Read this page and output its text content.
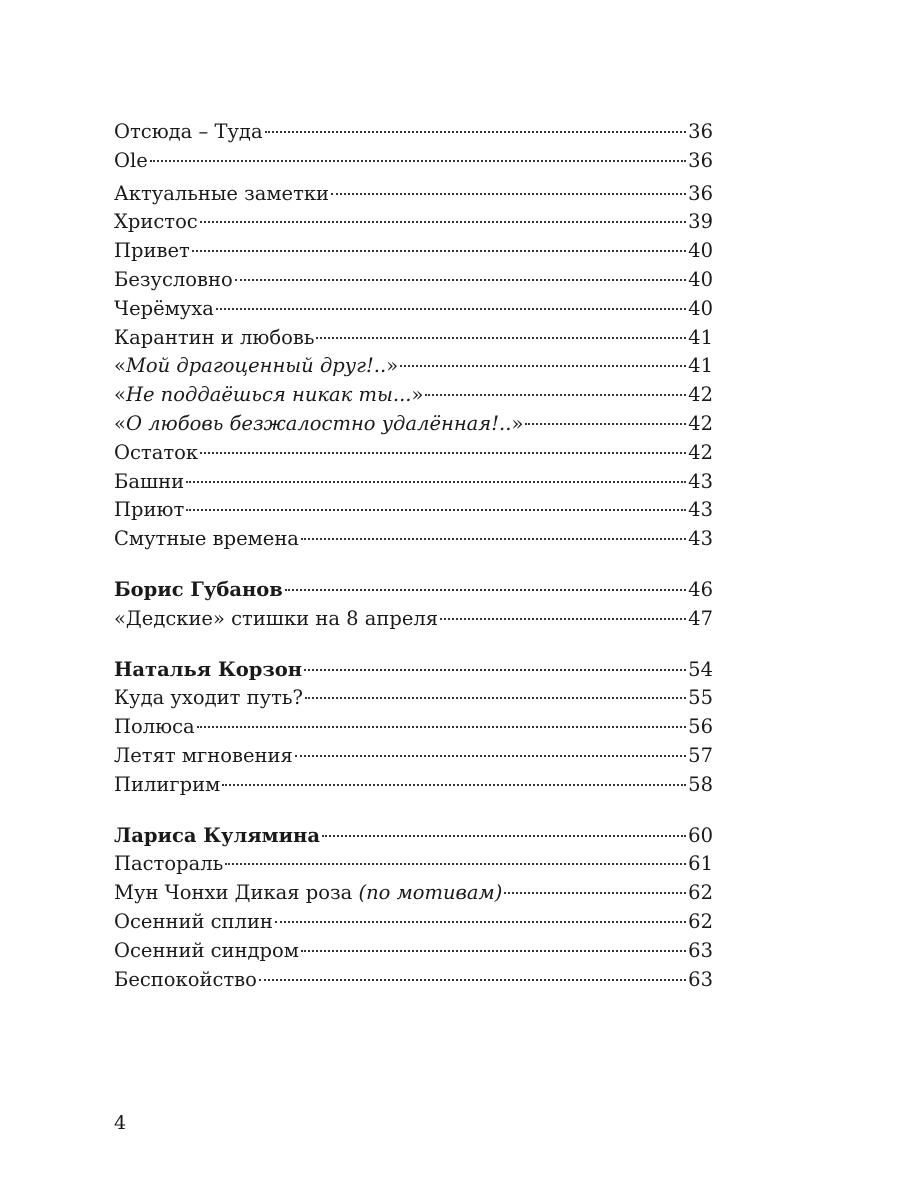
Отсюда – Туда	36
Ole	36
Актуальные заметки	36
Христос	39
Привет	40
Безусловно	40
Черёмуха	40
Карантин и любовь	41
«Мой драгоценный друг!..»	41
«Не поддаёшься никак ты...»	42
«О любовь безжалостно удалённая!..»	42
Остаток	42
Башни	43
Приют	43
Смутные времена	43
Борис Губанов	46
«Дедские» стишки на 8 апреля	47
Наталья Корзон	54
Куда уходит путь?	55
Полюса	56
Летят мгновения	57
Пилигрим	58
Лариса Кулямина	60
Пастораль	61
Мун Чонхи Дикая роза (по мотивам)	62
Осенний сплин	62
Осенний синдром	63
Беспокойство	63
4
